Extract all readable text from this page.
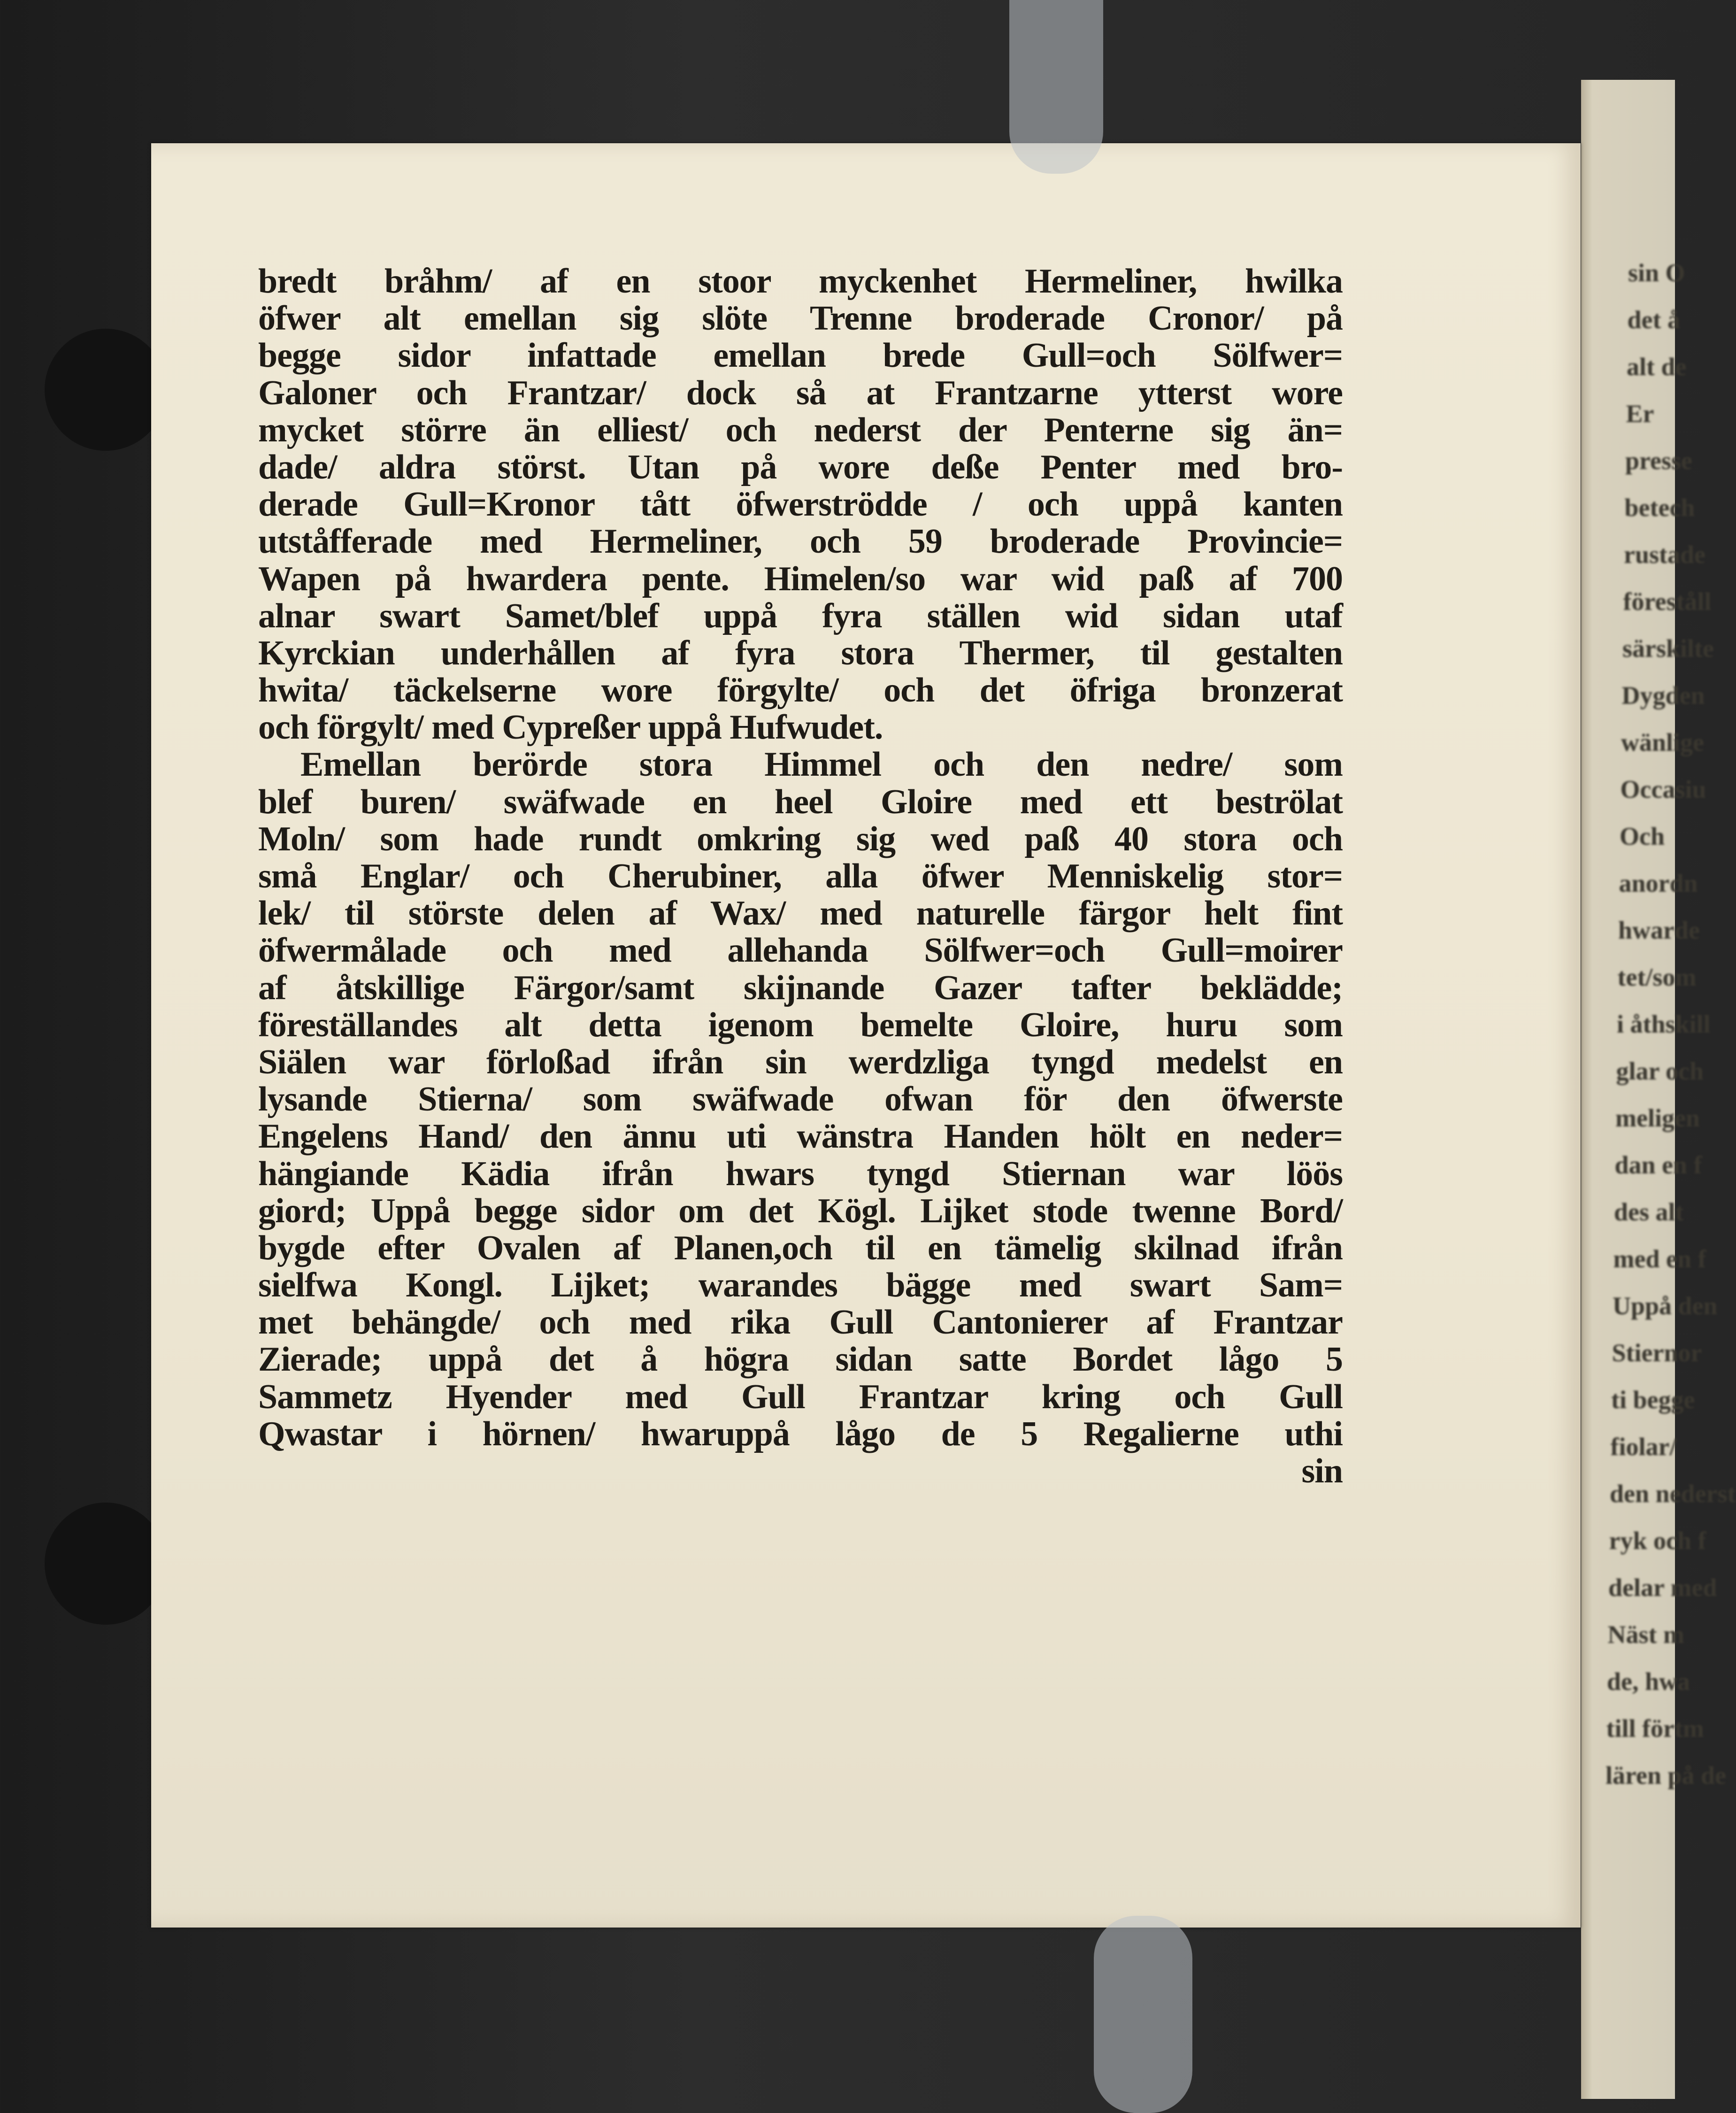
sin O
det å
alt de
Er
presse
betech
rustade
föreståll
särskilte
Dygden
wänlige
Occasiu
Och
anordn
hwarde
tet/som
i åthskill
glar och
meligen
dan en f
des alt
med en f
Uppå den
Stiernor
ti begge
fiolar/
den nederst
ryk och f
delar med
Näst m
de, hwa
till förtm
lären på de
bredt bråhm/ af en stoor myckenhet Hermeliner, hwilka
öfwer alt emellan sig slöte Trenne broderade Cronor/ på
begge sidor infattade emellan brede Gull=och Sölfwer=
Galoner och Frantzar/ dock så at Frantzarne ytterst wore
mycket större än elliest/ och nederst der Penterne sig än=
dade/ aldra störst. Utan på wore deße Penter med bro-
derade Gull=Kronor tått öfwerströdde / och uppå kanten
utståfferade med Hermeliner, och 59 broderade Provincie=
Wapen på hwardera pente. Himelen/so war wid paß af 700
alnar swart Samet/blef uppå fyra ställen wid sidan utaf
Kyrckian underhållen af fyra stora Thermer, til gestalten
hwita/ täckelserne wore förgylte/ och det öfriga bronzerat
och förgylt/ med Cypreßer uppå Hufwudet.
Emellan berörde stora Himmel och den nedre/ som
blef buren/ swäfwade en heel Gloire med ett beströlat
Moln/ som hade rundt omkring sig wed paß 40 stora och
små Englar/ och Cherubiner, alla öfwer Menniskelig stor=
lek/ til störste delen af Wax/ med naturelle färgor helt fint
öfwermålade och med allehanda Sölfwer=och Gull=moirer
af åtskillige Färgor/samt skijnande Gazer tafter beklädde;
föreställandes alt detta igenom bemelte Gloire, huru som
Siälen war förloßad ifrån sin werdzliga tyngd medelst en
lysande Stierna/ som swäfwade ofwan för den öfwerste
Engelens Hand/ den ännu uti wänstra Handen hölt en neder=
hängiande Kädia ifrån hwars tyngd Stiernan war löös
giord; Uppå begge sidor om det Kögl. Lijket stode twenne Bord/
bygde efter Ovalen af Planen,och til en tämelig skilnad ifrån
sielfwa Kongl. Lijket; warandes bägge med swart Sam=
met behängde/ och med rika Gull Cantonierer af Frantzar
Zierade; uppå det å högra sidan satte Bordet lågo 5
Sammetz Hyender med Gull Frantzar kring och Gull
Qwastar i hörnen/ hwaruppå lågo de 5 Regalierne uthi
sin
